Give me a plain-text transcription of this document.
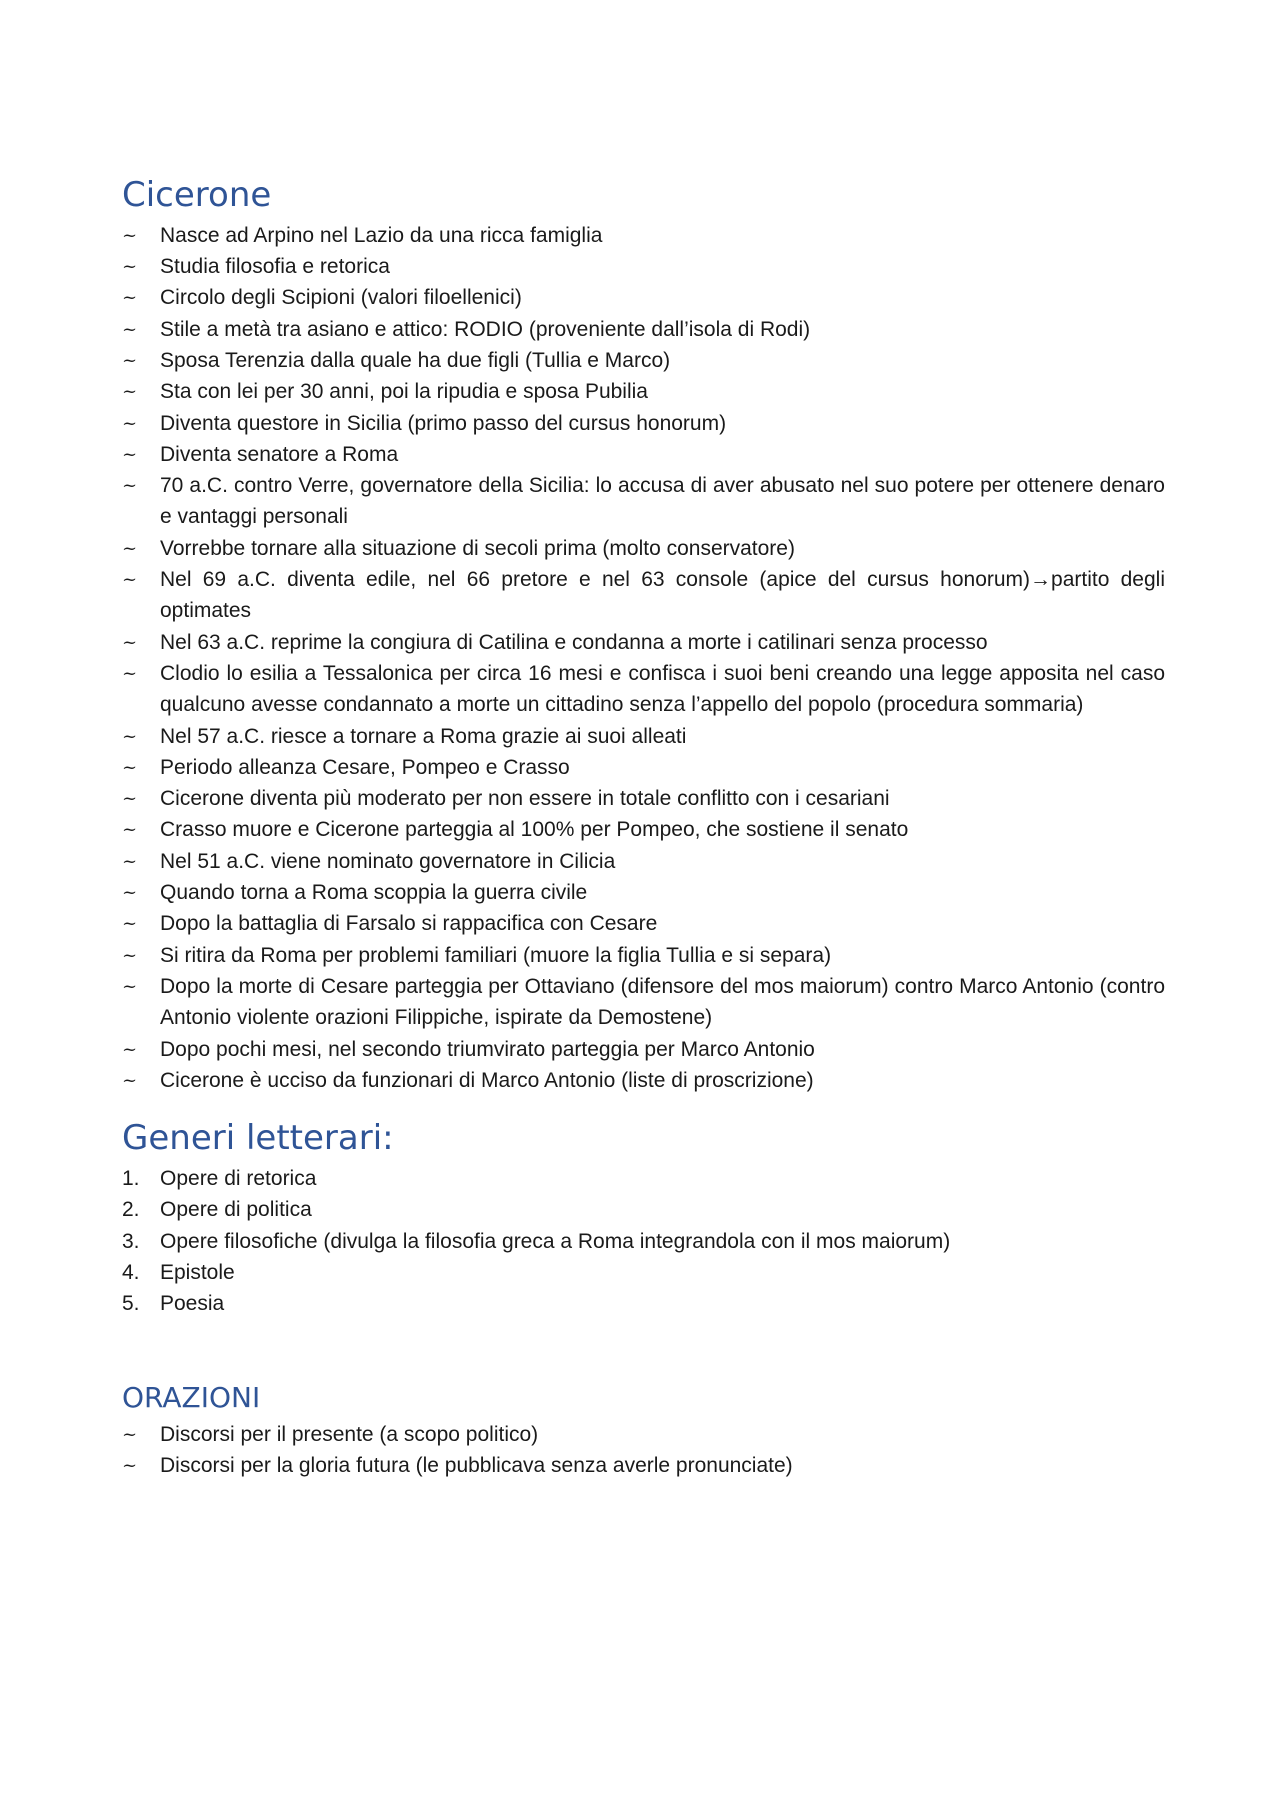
Cicerone
~	Nasce ad Arpino nel Lazio da una ricca famiglia
~	Studia filosofia e retorica
~	Circolo degli Scipioni (valori filoellenici)
~	Stile a metà tra asiano e attico: RODIO (proveniente dall’isola di Rodi)
~	Sposa Terenzia dalla quale ha due figli (Tullia e Marco)
~	Sta con lei per 30 anni, poi la ripudia e sposa Pubilia
~	Diventa questore in Sicilia (primo passo del cursus honorum)
~	Diventa senatore a Roma
~	70 a.C. contro Verre, governatore della Sicilia: lo accusa di aver abusato nel suo potere per ottenere denaro e vantaggi personali
~	Vorrebbe tornare alla situazione di secoli prima (molto conservatore)
~	Nel 69 a.C. diventa edile, nel 66 pretore e nel 63 console (apice del cursus honorum)→partito degli optimates
~	Nel 63 a.C. reprime la congiura di Catilina e condanna a morte i catilinari senza processo
~	Clodio lo esilia a Tessalonica per circa 16 mesi e confisca i suoi beni creando una legge apposita nel caso qualcuno avesse condannato a morte un cittadino senza l’appello del popolo (procedura sommaria)
~	Nel 57 a.C. riesce a tornare a Roma grazie ai suoi alleati
~	Periodo alleanza Cesare, Pompeo e Crasso
~	Cicerone diventa più moderato per non essere in totale conflitto con i cesariani
~	Crasso muore e Cicerone parteggia al 100% per Pompeo, che sostiene il senato
~	Nel 51 a.C. viene nominato governatore in Cilicia
~	Quando torna a Roma scoppia la guerra civile
~	Dopo la battaglia di Farsalo si rappacifica con Cesare
~	Si ritira da Roma per problemi familiari (muore la figlia Tullia e si separa)
~	Dopo la morte di Cesare parteggia per Ottaviano (difensore del mos maiorum) contro Marco Antonio (contro Antonio violente orazioni Filippiche, ispirate da Demostene)
~	Dopo pochi mesi, nel secondo triumvirato parteggia per Marco Antonio
~	Cicerone è ucciso da funzionari di Marco Antonio (liste di proscrizione)
Generi letterari:
1. Opere di retorica
2. Opere di politica
3. Opere filosofiche (divulga la filosofia greca a Roma integrandola con il mos maiorum)
4. Epistole
5. Poesia
ORAZIONI
~	Discorsi per il presente (a scopo politico)
~	Discorsi per la gloria futura (le pubblicava senza averle pronunciate)
